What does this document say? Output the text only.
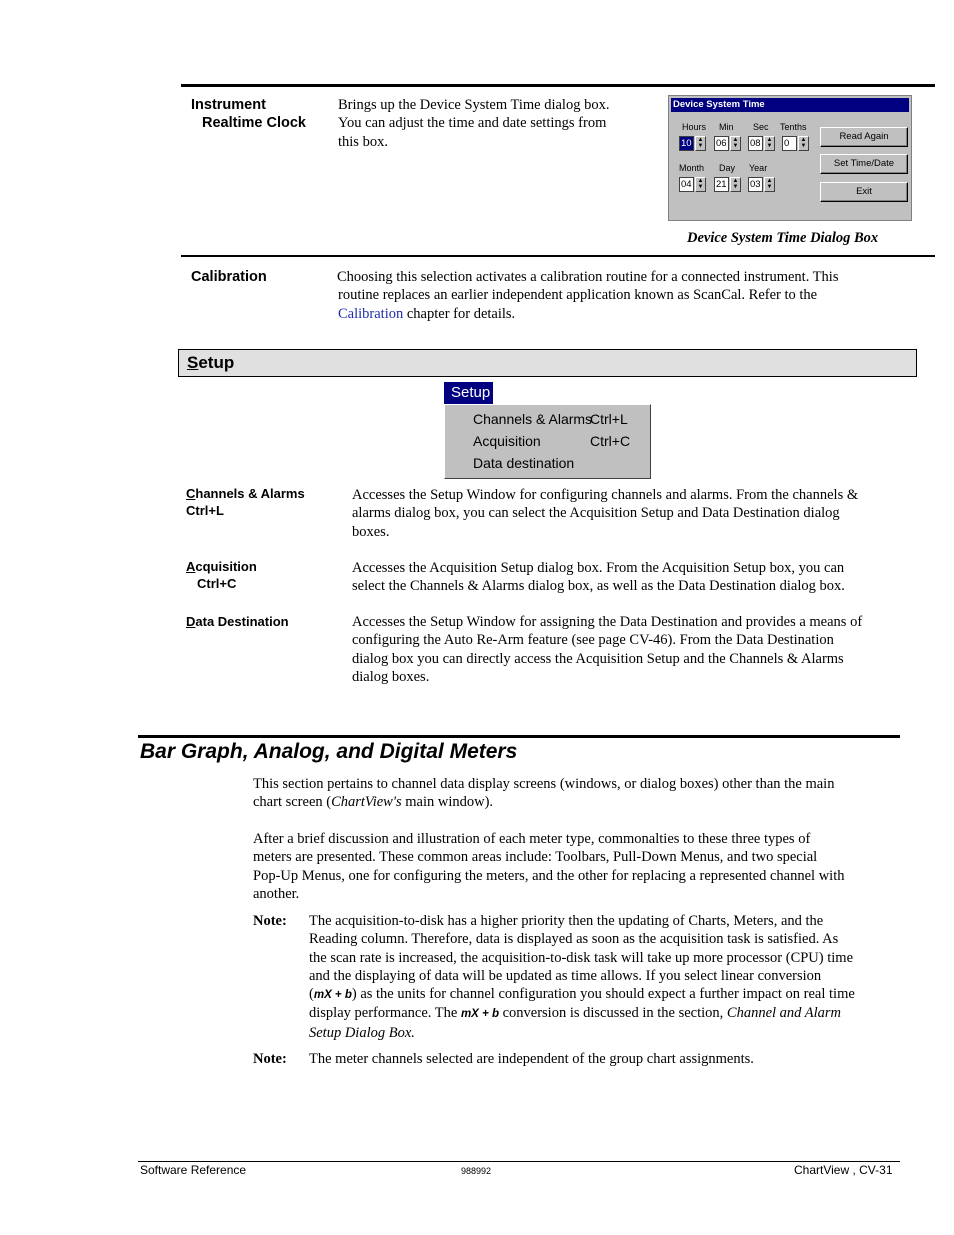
Instrument
Realtime Clock
Brings up the Device System Time dialog box.
You can adjust the time and date settings from
this box.
Device System Time
Hours Min Sec Tenths
10 ▲
▼ 06 ▲
▼ 08 ▲
▼ 0	▲
▼
Month Day Year
04 ▲
▼ 21 ▲
▼ 03 ▲
▼
Read Again
Set Time/Date
Exit
Device System Time Dialog Box
Calibration	Choosing this selection activates a calibration routine for a connected instrument. This
routine replaces an earlier independent application known as ScanCal. Refer to the
Calibration chapter for details.
Setup
Setup
Channels & Alarms
Ctrl+L
Acquisition	Ctrl+C
Data destination
Channels & Alarms
Ctrl+L
Accesses the Setup Window for configuring channels and alarms. From the channels &
alarms dialog box, you can select the Acquisition Setup and Data Destination dialog
boxes.
Acquisition
Ctrl+C
Accesses the Acquisition Setup dialog box. From the Acquisition Setup box, you can
select the Channels & Alarms dialog box, as well as the Data Destination dialog box.
Data Destination	Accesses the Setup Window for assigning the Data Destination and provides a means of
configuring the Auto Re-Arm feature (see page CV-46). From the Data Destination
dialog box you can directly access the Acquisition Setup and the Channels & Alarms
dialog boxes.
Bar Graph, Analog, and Digital Meters
This section pertains to channel data display screens (windows, or dialog boxes) other than the main
chart screen (ChartView's main window).
After a brief discussion and illustration of each meter type, commonalties to these three types of
meters are presented. These common areas include: Toolbars, Pull-Down Menus, and two special
Pop-Up Menus, one for configuring the meters, and the other for replacing a represented channel with
another.
Note: The acquisition-to-disk has a higher priority then the updating of Charts, Meters, and the
Reading column. Therefore, data is displayed as soon as the acquisition task is satisfied. As
the scan rate is increased, the acquisition-to-disk task will take up more processor (CPU) time
and the displaying of data will be updated as time allows. If you select linear conversion
(mX + b) as the units for channel configuration you should expect a further impact on real time
display performance. The mX + b conversion is discussed in the section, Channel and Alarm
Setup Dialog Box.
Note: The meter channels selected are independent of the group chart assignments.
Software Reference	988992	ChartView , CV-31
